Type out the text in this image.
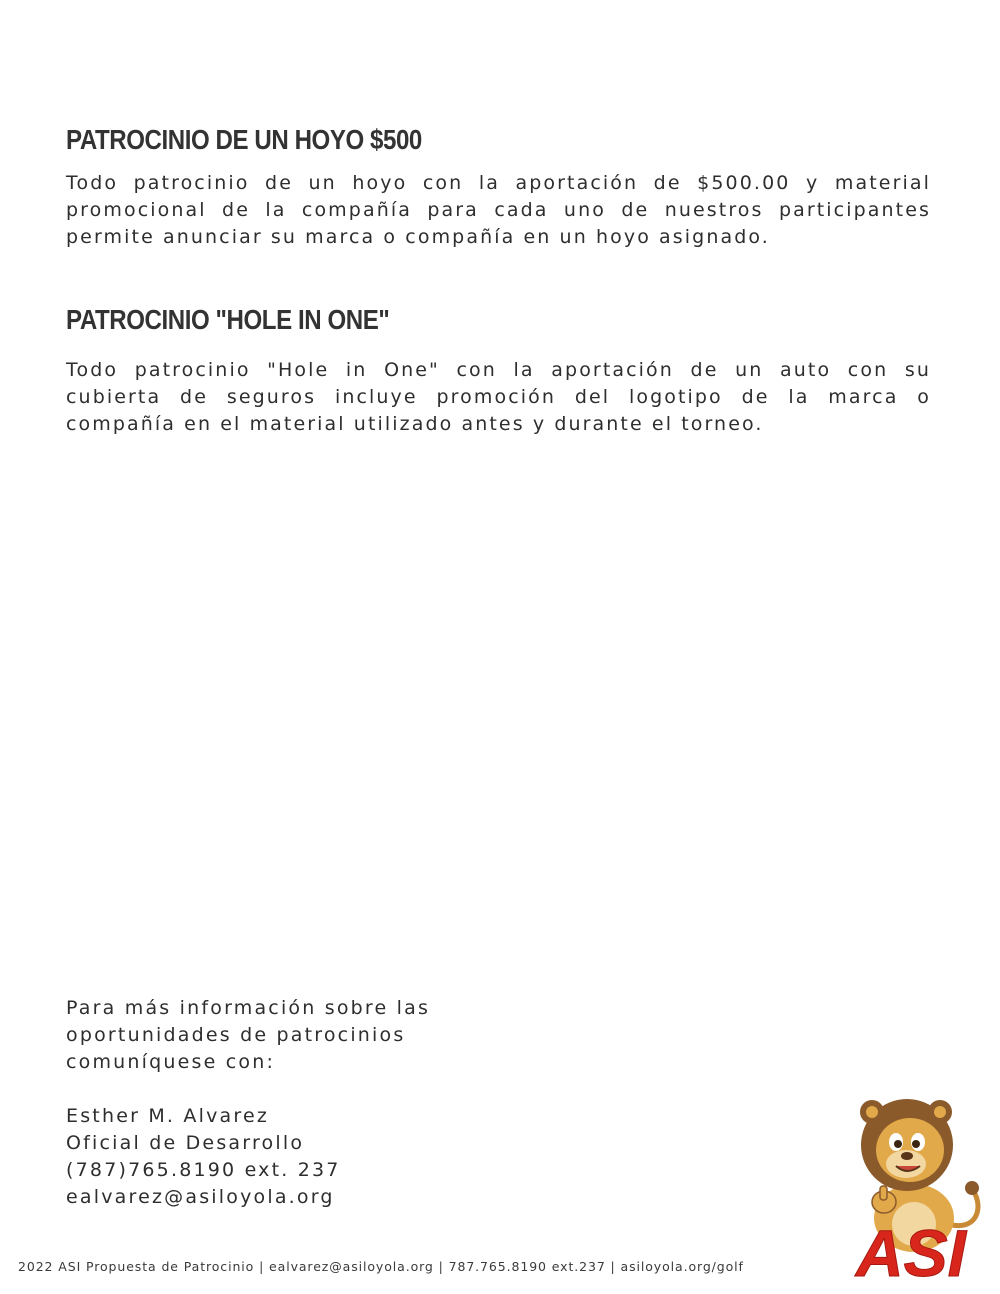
PATROCINIO DE UN HOYO $500

Todo patrocinio de un hoyo con la aportación de $500.00 y material promocional de la compañía para cada uno de nuestros participantes permite anunciar su marca o compañía en un hoyo asignado.

PATROCINIO "HOLE IN ONE"

Todo patrocinio "Hole in One" con la aportación de un auto con su cubierta de seguros incluye promoción del logotipo de la marca o compañía en el material utilizado antes y durante el torneo.

Para más información sobre las
oportunidades de patrocinios
comuníquese con:
Esther M. Alvarez
Oficial de Desarrollo
(787)765.8190 ext. 237
ealvarez@asiloyola.org

2022 ASI Propuesta de Patrocinio | ealvarez@asiloyola.org | 787.765.8190 ext.237 | asiloyola.org/golf ASI
